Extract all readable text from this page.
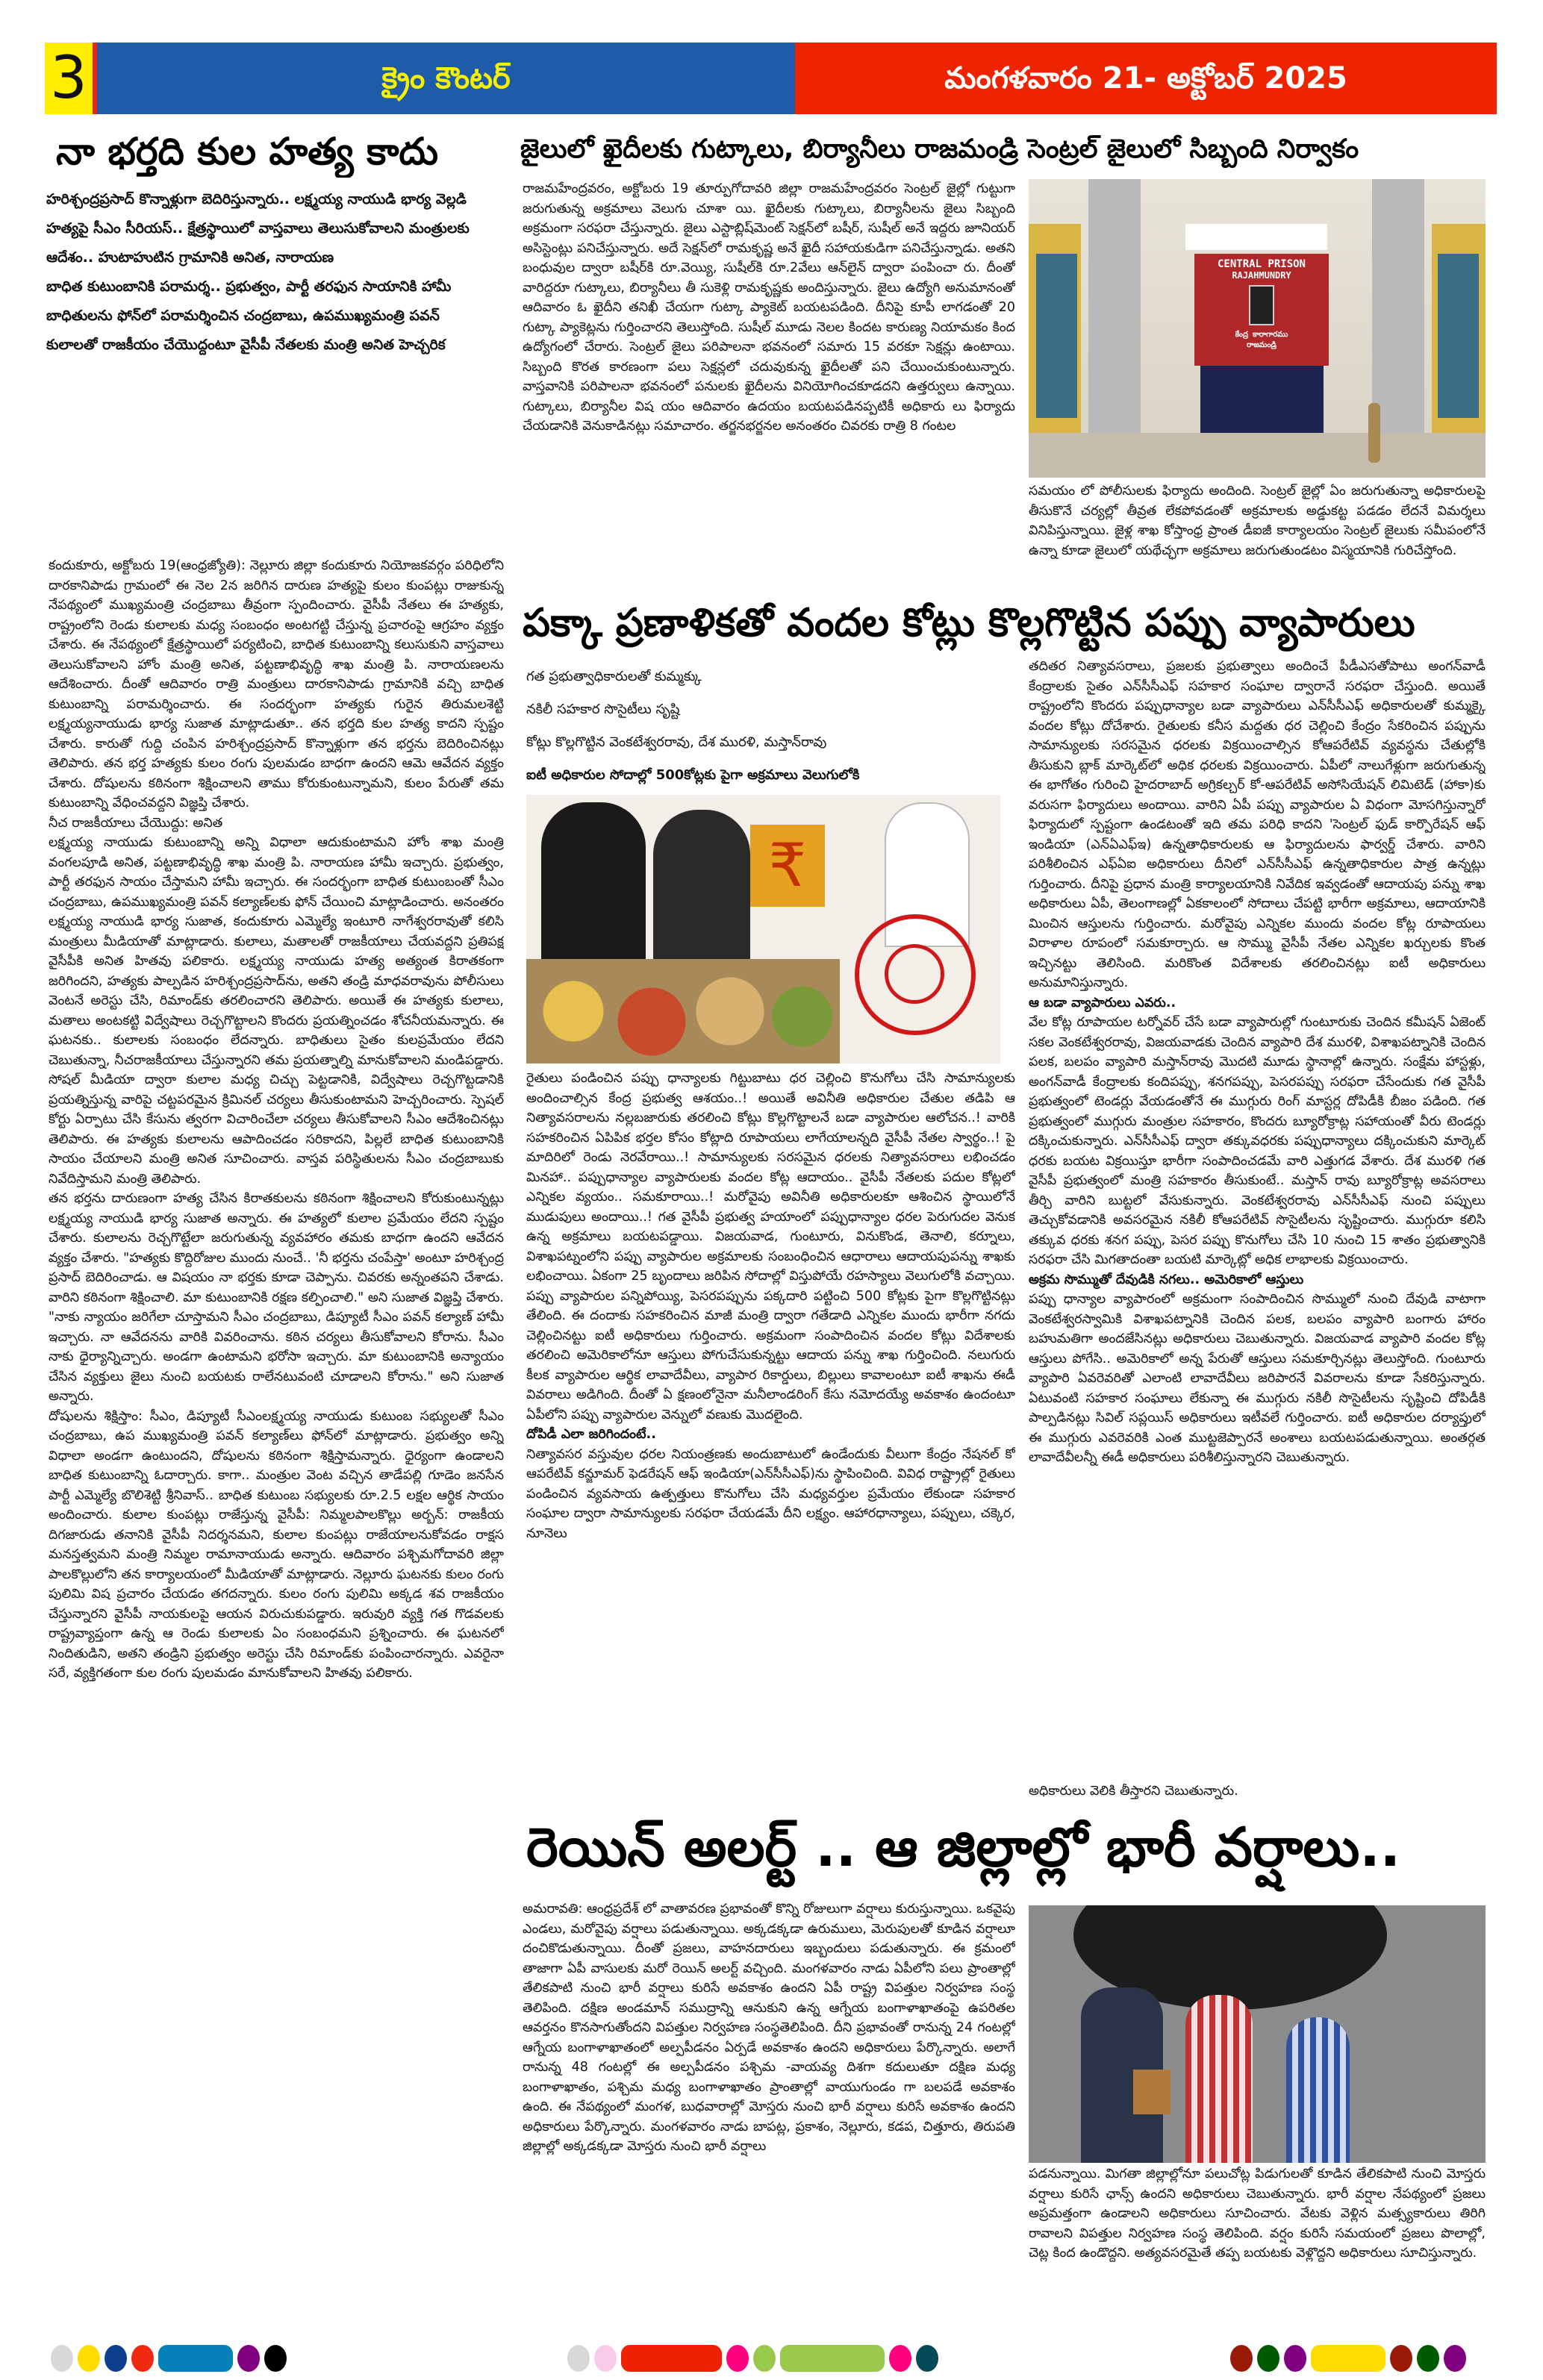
3	క్రైం కౌంటర్	మంగళవారం 21- అక్టోబర్ 2025
నా భర్తది కుల హత్య కాదు
హరిశ్చంద్రప్రసాద్ కొన్నాళ్లుగా బెదిరిస్తున్నారు.. లక్ష్మయ్య నాయుడి భార్య వెల్లడి
హత్యపై సీఎం సీరియస్.. క్షేత్రస్థాయిలో వాస్తవాలు తెలుసుకోవాలని మంత్రులకు ఆదేశం.. హుటాహుటిన గ్రామానికి అనిత, నారాయణ
బాధిత కుటుంబానికి పరామర్శ.. ప్రభుత్వం, పార్టీ తరఫున సాయానికి హామీ
బాధితులను ఫోన్‌లో పరామర్శించిన చంద్రబాబు, ఉపముఖ్యమంత్రి పవన్
కులాలతో రాజకీయం చేయొద్దంటూ వైసీపీ నేతలకు మంత్రి అనిత హెచ్చరిక

కందుకూరు, అక్టోబరు 19(ఆంధ్రజ్యోతి): నెల్లూరు జిల్లా కందుకూరు నియోజకవర్గం పరిధిలోని దారకానిపాడు గ్రామంలో ఈ నెల 2న జరిగిన దారుణ హత్యపై కులం కుంపట్లు రాజుకున్న నేపథ్యంలో ముఖ్యమంత్రి చంద్రబాబు తీవ్రంగా స్పందించారు. వైసీపీ నేతలు ఈ హత్యకు, రాష్ట్రంలోని రెండు కులాలకు మధ్య సంబంధం అంటగట్టి చేస్తున్న ప్రచారంపై ఆగ్రహం వ్యక్తం చేశారు. ఈ నేపథ్యంలో క్షేత్రస్థాయిలో పర్యటించి, బాధిత కుటుంబాన్ని కలుసుకుని వాస్తవాలు తెలుసుకోవాలని హోం మంత్రి అనిత, పట్టణాభివృద్ధి శాఖ మంత్రి పి. నారాయణలను ఆదేశించారు. దీంతో ఆదివారం రాత్రి మంత్రులు దారకానిపాడు గ్రామానికి వచ్చి బాధిత కుటుంబాన్ని పరామర్శించారు. ఈ సందర్భంగా హత్యకు గురైన తిరుమలశెట్టి లక్ష్మయ్యనాయుడు భార్య సుజాత మాట్లాడుతూ.. తన భర్తది కుల హత్య కాదని స్పష్టం చేశారు. కారుతో గుద్ది చంపిన హరిశ్చంద్రప్రసాద్ కొన్నాళ్లుగా తన భర్తను బెదిరించినట్లు తెలిపారు. తన భర్త హత్యకు కులం రంగు పులమడం బాధగా ఉందని ఆమె ఆవేదన వ్యక్తం చేశారు. దోషులను కఠినంగా శిక్షించాలని తాము కోరుకుంటున్నామని, కులం పేరుతో తమ కుటుంబాన్ని వేధించవద్దని విజ్ఞప్తి చేశారు.

నీచ రాజకీయాలు చేయొద్దు: అనిత

లక్ష్మయ్య నాయుడు కుటుంబాన్ని అన్ని విధాలా ఆదుకుంటామని హోం శాఖ మంత్రి వంగలపూడి అనిత, పట్టణాభివృద్ధి శాఖ మంత్రి పి. నారాయణ హామీ ఇచ్చారు. ప్రభుత్వం, పార్టీ తరఫున సాయం చేస్తామని హామీ ఇచ్చారు. ఈ సందర్భంగా బాధిత కుటుంబంతో సీఎం చంద్రబాబు, ఉపముఖ్యమంత్రి పవన్ కల్యాణ్‌లకు ఫోన్ చేయించి మాట్లాడించారు. అనంతరం లక్ష్మయ్య నాయుడి భార్య సుజాత, కందుకూరు ఎమ్మెల్యే ఇంటూరి నాగేశ్వరరావుతో కలిసి మంత్రులు మీడియాతో మాట్లాడారు. కులాలు, మతాలతో రాజకీయాలు చేయవద్దని ప్రతిపక్ష వైసీపీకి అనిత హితవు పలికారు. లక్ష్మయ్య నాయుడు హత్య అత్యంత కిరాతకంగా జరిగిందని, హత్యకు పాల్పడిన హరిశ్చంద్రప్రసాద్‌ను, అతని తండ్రి మాధవరావును పోలీసులు వెంటనే అరెస్టు చేసి, రిమాండ్‌కు తరలించారని తెలిపారు. అయితే ఈ హత్యకు కులాలు, మతాలు అంటకట్టి విద్వేషాలు రెచ్చగొట్టాలని కొందరు ప్రయత్నించడం శోచనీయమన్నారు. ఈ ఘటనకు.. కులాలకు సంబంధం లేదన్నారు. బాధితులు సైతం కులప్రమేయం లేదని చెబుతున్నా, నీచరాజకీయాలు చేస్తున్నారని తమ ప్రయత్నాల్ని మానుకోవాలని మండిపడ్డారు. సోషల్ మీడియా ద్వారా కులాల మధ్య చిచ్చు పెట్టడానికి, విద్వేషాలు రెచ్చగొట్టడానికి ప్రయత్నిస్తున్న వారిపై చట్టపరమైన క్రిమినల్ చర్యలు తీసుకుంటామని హెచ్చరించారు. స్పెషల్ కోర్టు ఏర్పాటు చేసి కేసును త్వరగా విచారించేలా చర్యలు తీసుకోవాలని సీఎం ఆదేశించినట్లు తెలిపారు. ఈ హత్యకు కులాలను ఆపాదించడం సరికాదని, పిల్లలే బాధిత కుటుంబానికి సాయం చేయాలని మంత్రి అనిత సూచించారు. వాస్తవ పరిస్థితులను సీఎం చంద్రబాబుకు నివేదిస్తామని మంత్రి తెలిపారు.

తన భర్తను దారుణంగా హత్య చేసిన కిరాతకులను కఠినంగా శిక్షించాలని కోరుకుంటున్నట్లు లక్ష్మయ్య నాయుడి భార్య సుజాత అన్నారు. ఈ హత్యలో కులాల ప్రమేయం లేదని స్పష్టం చేశారు. కులాలను రెచ్చగొట్టేలా జరుగుతున్న వ్యవహారం తమకు బాధగా ఉందని ఆవేదన వ్యక్తం చేశారు. "హత్యకు కొద్దిరోజుల ముందు నుంచే.. 'నీ భర్తను చంపేస్తా' అంటూ హరిశ్చంద్ర ప్రసాద్ బెదిరించాడు. ఆ విషయం నా భర్తకు కూడా చెప్పాను. చివరకు అన్నంతపని చేశాడు. వారిని కఠినంగా శిక్షించాలి. మా కుటుంబానికి రక్షణ కల్పించాలి." అని సుజాత విజ్ఞప్తి చేశారు. "నాకు న్యాయం జరిగేలా చూస్తామని సీఎం చంద్రబాబు, డిప్యూటీ సీఎం పవన్ కల్యాణ్ హామీ ఇచ్చారు. నా ఆవేదనను వారికి వివరించాను. కఠిన చర్యలు తీసుకోవాలని కోరాను. సీఎం నాకు ధైర్యాన్నిచ్చారు. అండగా ఉంటామని భరోసా ఇచ్చారు. మా కుటుంబానికి అన్యాయం చేసిన వ్యక్తులు జైలు నుంచి బయటకు రాలేనటువంటి చూడాలని కోరాను." అని సుజాత అన్నారు.

దోషులను శిక్షిస్తాం: సీఎం, డిప్యూటీ సీఎంలక్ష్మయ్య నాయుడు కుటుంబ సభ్యులతో సీఎం చంద్రబాబు, ఉప ముఖ్యమంత్రి పవన్ కల్యాణ్‌లు ఫోన్‌లో మాట్లాడారు. ప్రభుత్వం అన్ని విధాలా అండగా ఉంటుందని, దోషులను కఠినంగా శిక్షిస్తామన్నారు. ధైర్యంగా ఉండాలని బాధిత కుటుంబాన్ని ఓదార్చారు. కాగా.. మంత్రుల వెంట వచ్చిన తాడేపల్లి గూడెం జనసేన పార్టీ ఎమ్మెల్యే బొలిశెట్టి శ్రీనివాస్.. బాధిత కుటుంబ సభ్యులకు రూ.2.5 లక్షల ఆర్థిక సాయం అందించారు. కులాల కుంపట్లు రాజేస్తున్న వైసీపీ: నిమ్మలపాలకొల్లు అర్బన్: రాజకీయ దిగజారుడు తనానికి వైసీపీ నిదర్శనమని, కులాల కుంపట్లు రాజేయాలనుకోవడం రాక్షస మనస్తత్వమని మంత్రి నిమ్మల రామానాయుడు అన్నారు. ఆదివారం పశ్చిమగోదావరి జిల్లా పాలకొల్లులోని తన కార్యాలయంలో మీడియాతో మాట్లాడారు. నెల్లూరు ఘటనకు కులం రంగు పులిమి విష ప్రచారం చేయడం తగదన్నారు. కులం రంగు పులిమి అక్కడ శవ రాజకీయం చేస్తున్నారని వైసీపీ నాయకులపై ఆయన విరుచుకుపడ్డారు. ఇరువురి వ్యక్తి గత గొడవలకు రాష్ట్రవ్యాప్తంగా ఉన్న ఆ రెండు కులాలకు ఏం సంబంధమని ప్రశ్నించారు. ఈ ఘటనలో నిందితుడిని, అతని తండ్రిని ప్రభుత్వం అరెస్టు చేసి రిమాండ్‌కు పంపించారన్నారు. ఎవరైనా సరే, వ్యక్తిగతంగా కుల రంగు పులమడం మానుకోవాలని హితవు పలికారు.

జైలులో ఖైదీలకు గుట్కాలు, బిర్యానీలు రాజమండ్రి సెంట్రల్ జైలులో సిబ్బంది నిర్వాకం
రాజమహేంద్రవరం, అక్టోబరు 19 తూర్పుగోదావరి జిల్లా రాజమహేంద్రవరం సెంట్రల్ జైల్లో గుట్టుగా జరుగుతున్న అక్రమాలు వెలుగు చూశా యి. ఖైదీలకు గుట్కాలు, బిర్యానీలను జైలు సిబ్బంది అక్రమంగా సరఫరా చేస్తున్నారు. జైలు ఎస్టాబ్లిష్‌మెంట్ సెక్షన్‌లో బషీర్, సుషీల్ అనే ఇద్దరు జూనియర్ అసిస్టెంట్లు పనిచేస్తున్నారు. అదే సెక్షన్‌లో రామకృష్ణ అనే ఖైదీ సహాయకుడిగా పనిచేస్తున్నాడు. అతని బంధువుల ద్వారా బషీర్‌కి రూ.వెయ్యి, సుషీల్‌కి రూ.2వేలు ఆన్‌లైన్ ద్వారా పంపించా రు. దీంతో వారిద్దరూ గుట్కాలు, బిర్యానీలు తీ సుకెళ్లి రామకృష్ణకు అందిస్తున్నారు. జైలు ఉద్యోగి అనుమానంతో ఆదివారం ఓ ఖైదీని తనిఖీ చేయగా గుట్కా ప్యాకెట్ బయటపడింది. దీనిపై కూపీ లాగడంతో 20 గుట్కా ప్యాకెట్లను గుర్తించారని తెలుస్తోంది. సుషీల్ మూడు నెలల కిందట కారుణ్య నియామకం కింద ఉద్యోగంలో చేరారు. సెంట్రల్ జైలు పరిపాలనా భవనంలో సమారు 15 వరకూ సెక్షన్లు ఉంటాయి. సిబ్బంది కొరత కారణంగా పలు సెక్షన్లలో చదువుకున్న ఖైదీలతో పని చేయించుకుంటున్నారు. వాస్తవానికి పరిపాలనా భవనంలో పనులకు ఖైదీలను వినియోగించకూడదని ఉత్తర్వులు ఉన్నాయి. గుట్కాలు, బిర్యానీల విష యం ఆదివారం ఉదయం బయటపడినప్పటికీ అధికారు లు ఫిర్యాదు చేయడానికి వెనుకాడినట్లు సమాచారం. తర్జనభర్జనల అనంతరం చివరకు రాత్రి 8 గంటల
CENTRAL PRISON
RAJAHMUNDRY
కేంద్ర కారాగారము
రాజమండ్రి
సమయం లో పోలీసులకు ఫిర్యాదు అందింది. సెంట్రల్ జైల్లో ఏం జరుగుతున్నా అధికారులపై తీసుకొనే చర్యల్లో తీవ్రత లేకపోవడంతో అక్రమాలకు అడ్డుకట్ట పడడం లేదనే విమర్శలు వినిపిస్తున్నాయి. జైళ్ల శాఖ కోస్తాంధ్ర ప్రాంత డీఐజీ కార్యాలయం సెంట్రల్ జైలుకు సమీపంలోనే ఉన్నా కూడా జైలులో యథేచ్ఛగా అక్రమాలు జరుగుతుండటం విస్మయానికి గురిచేస్తోంది.
పక్కా ప్రణాళికతో వందల కోట్లు కొల్లగొట్టిన పప్పు వ్యాపారులు
గత ప్రభుత్వాధికారులతో కుమ్మక్కు
నకిలీ సహకార సొసైటీలు సృష్టి
కోట్లు కొల్లగొట్టిన వెంకటేశ్వరరావు, దేశ మురళి, మస్తాన్‌రావు
ఐటీ అధికారుల సోదాల్లో 500కోట్లకు పైగా అక్రమాలు వెలుగులోకి
₹

రైతులు పండించిన పప్పు ధాన్యాలకు గిట్టుబాటు ధర చెల్లించి కొనుగోలు చేసి సామాన్యులకు అందించాల్సిన కేంద్ర ప్రభుత్వ ఆశయం..! అయితే అవినీతి అధికారుల చేతుల తడిపి ఆ నిత్యావసరాలను నల్లబజారుకు తరలించి కోట్లు కొల్లగొట్టాలనే బడా వ్యాపారుల ఆలోచన..! వారికి సహకరించిన ఏపిపిక భర్తల కోసం కోట్లాది రూపాయలు లాగేయాలన్నది వైసీపీ నేతల స్వార్థం..! పై మాదిరిలో రెండు నెరవేరాయి..! సామాన్యులకు సరసమైన ధరలకు నిత్యావసరాలు లభించడం మినహా.. పప్పుధాన్యాల వ్యాపారులకు వందల కోట్ల ఆదాయం.. వైసీపీ నేతలకు పదుల కోట్లలో ఎన్నికల వ్యయం.. సమకూరాయి..! మరోవైపు అవినీతి అధికారులకూ ఆశించిన స్థాయిలోనే ముడుపులు అందాయి..! గత వైసీపీ ప్రభుత్వ హయాంలో పప్పుధాన్యాల ధరల పెరుగుదల వెనుక ఉన్న అక్రమాలు బయటపడ్డాయి. విజయవాడ, గుంటూరు, వినుకొండ, తెనాలి, కర్నూలు, విశాఖపట్నంలోని పప్పు వ్యాపారుల అక్రమాలకు సంబంధించిన ఆధారాలు ఆదాయపుపన్ను శాఖకు లభించాయి. ఏకంగా 25 బృందాలు జరిపిన సోదాల్లో విస్తుపోయే రహస్యాలు వెలుగులోకి వచ్చాయి. పప్పు వ్యాపారుల పన్నిపోయ్యి, పెసరపప్పును పక్కదారి పట్టించి 500 కోట్లకు పైగా కొల్లగొట్టినట్లు తేలింది. ఈ దందాకు సహకరించిన మాజీ మంత్రి ద్వారా గతేడాది ఎన్నికల ముందు భారీగా నగదు చెల్లించినట్టు ఐటీ అధికారులు గుర్తించారు. అక్రమంగా సంపాదించిన వందల కోట్లు విదేశాలకు తరలించి అమెరికాలోనూ ఆస్తులు పోగుచేసుకున్నట్టు ఆదాయ పన్ను శాఖ గుర్తించింది. నలుగురు కీలక వ్యాపారుల ఆర్థిక లావాదేవీలు, వ్యాపార రికార్డులు, బిల్లులు కావాలంటూ ఐటీ శాఖను ఈడీ వివరాలు అడిగింది. దీంతో ఏ క్షణంలోనైనా మనీలాండరింగ్ కేసు నమోదయ్యే అవకాశం ఉందంటూ ఏపీలోని పప్పు వ్యాపారుల వెన్నులో వణుకు మొదలైంది.

దోపిడీ ఎలా జరిగిందంటే..

నిత్యావసర వస్తువుల ధరల నియంత్రణకు అందుబాటులో ఉండేందుకు వీలుగా కేంద్రం నేషనల్ కో ఆపరేటివ్ కన్జూమర్ ఫెడరేషన్ ఆఫ్ ఇండియా(ఎన్‌సీసీఎఫ్)ను స్థాపించింది. వివిధ రాష్ట్రాల్లో రైతులు పండించిన వ్యవసాయ ఉత్పత్తులు కొనుగోలు చేసి మధ్యవర్తుల ప్రమేయం లేకుండా సహకార సంఘాల ద్వారా సామాన్యులకు సరఫరా చేయడమే దీని లక్ష్యం. ఆహారధాన్యాలు, పప్పులు, చక్కెర, నూనెలు

తదితర నిత్యావసరాలు, ప్రజలకు ప్రభుత్వాలు అందించే పీడీఎసతోపాటు అంగన్‌వాడీ కేంద్రాలకు సైతం ఎన్‌సీసీఎఫ్ సహకార సంఘాల ద్వారానే సరఫరా చేస్తుంది. అయితే రాష్ట్రంలోని కొందరు పప్పుధాన్యాల బడా వ్యాపారులు ఎన్‌సీసీఎఫ్ అధికారులతో కుమ్మక్కై వందల కోట్లు దోచేశారు. రైతులకు కనీస మద్దతు ధర చెల్లించి కేంద్రం సేకరించిన పప్పును సామాన్యులకు సరసమైన ధరలకు విక్రయించాల్సిన కోఆపరేటివ్ వ్యవస్థను చేతుల్లోకి తీసుకుని బ్లాక్ మార్కెట్‌లో అధిక ధరలకు విక్రయించారు. ఏపీలో నాలుగేళ్లుగా జరుగుతున్న ఈ భాగోతం గురించి హైదరాబాద్ అగ్రికల్చర్ కో-ఆపరేటివ్ అసోసియేషన్ లిమిటెడ్ (హాకా)కు వరుసగా ఫిర్యాదులు అందాయి. వారిని ఏపీ పప్పు వ్యాపారుల ఏ విధంగా మోసగిస్తున్నారో ఫిర్యాదులో స్పష్టంగా ఉండటంతో ఇది తమ పరిధి కాదని 'సెంట్రల్ ఫుడ్ కార్పొరేషన్ ఆఫ్ ఇండియా (ఎన్‌ఏఎఫ్ఇ) ఉన్నతాధికారులకు ఆ ఫిర్యాదులను ఫార్వర్డ్ చేశారు. వారిని పరిశీలించిన ఎఫ్‌ఏఐ అధికారులు దీనిలో ఎన్‌సీసీఎఫ్ ఉన్నతాధికారుల పాత్ర ఉన్నట్లు గుర్తించారు. దీనిపై ప్రధాన మంత్రి కార్యాలయానికి నివేదిక ఇవ్వడంతో ఆదాయపు పన్ను శాఖ అధికారులు ఏపీ, తెలంగాణల్లో ఏకకాలంలో సోదాలు చేపట్టి భారీగా అక్రమాలు, ఆదాయానికి మించిన ఆస్తులను గుర్తించారు. మరోవైపు ఎన్నికల ముందు వందల కోట్ల రూపాయలు విరాళాల రూపంలో సమకూర్చారు. ఆ సొమ్ము వైసీపీ నేతల ఎన్నికల ఖర్చులకు కొంత ఇచ్చినట్టు తెలిసింది. మరికొంత విదేశాలకు తరలించినట్లు ఐటీ అధికారులు అనుమానిస్తున్నారు.

ఆ బడా వ్యాపారులు ఎవరు..

వేల కోట్ల రూపాయల టర్నోవర్ చేసే బడా వ్యాపారుల్లో గుంటూరుకు చెందిన కమీషన్ ఏజెంట్ సకల వెంకటేశ్వరరావు, విజయవాడకు చెందిన వ్యాపారి దేశ మురళి, విశాఖపట్నానికి చెందిన పలక, బలపం వ్యాపారి మస్తాన్‌రావు మొదటి మూడు స్థానాల్లో ఉన్నారు. సంక్షేమ హాస్టళ్లు, అంగన్‌వాడీ కేంద్రాలకు కందిపప్పు, శనగపప్పు, పెసరపప్పు సరఫరా చేసేందుకు గత వైసీపీ ప్రభుత్వంలో టెండర్లు వేయడంతోనే ఈ ముగ్గురు రింగ్ మాస్టర్ల దోపిడీకి బీజం పడింది. గత ప్రభుత్వంలో ముగ్గురు మంత్రుల సహకారం, కొందరు బ్యూరోక్రాట్ల సహాయంతో వీరు టెండర్లు దక్కించుకున్నారు. ఎన్‌సీసీఎఫ్ ద్వారా తక్కువధరకు పప్పుధాన్యాలు దక్కించుకుని మార్కెట్ ధరకు బయట విక్రయిస్తూ భారీగా సంపాదించడమే వారి ఎత్తుగడ వేశారు. దేశ మురళి గత వైసీపీ ప్రభుత్వంలో మంత్రి సహకారం తీసుకుంటే.. మస్తాన్ రావు బ్యూరోక్రాట్ల అవసరాలు తీర్చి వారిని బుట్టలో వేసుకున్నారు. వెంకటేశ్వరరావు ఎన్‌సీసీఎఫ్ నుంచి పప్పులు తెచ్చుకోవడానికి అవసరమైన నకిలీ కోఆపరేటివ్ సొసైటీలను సృష్టించారు. ముగ్గురూ కలిసి తక్కువ ధరకు శనగ పప్పు, పెసర పప్పు కొనుగోలు చేసి 10 నుంచి 15 శాతం ప్రభుత్వానికి సరఫరా చేసి మిగతాదంతా బయటి మార్కెట్లో అధిక లాభాలకు విక్రయించారు.

అక్రమ సొమ్ముతో దేవుడికి నగలు.. అమెరికాలో ఆస్తులు

పప్పు ధాన్యాల వ్యాపారంలో అక్రమంగా సంపాదించిన సొమ్ములో నుంచి దేవుడి వాటాగా వెంకటేశ్వరస్వామికి విశాఖపట్నానికి చెందిన పలక, బలపం వ్యాపారి బంగారు హారం బహుమతిగా అందజేసినట్లు అధికారులు చెబుతున్నారు. విజయవాడ వ్యాపారి వందల కోట్ల ఆస్తులు పోగేసి.. అమెరికాలో అన్న పేరుతో ఆస్తులు సమకూర్చినట్లు తెలుస్తోంది. గుంటూరు వ్యాపారి ఏవరెవరితో ఎలాంటి లావాదేవీలు జరిపారనే వివరాలను కూడా సేకరిస్తున్నారు. ఏటువంటి సహకార సంఘాలు లేకున్నా ఈ ముగ్గురు నకిలీ సొసైటీలను సృష్టించి దోపిడీకి పాల్పడినట్లు సివిల్ సప్లయిస్ అధికారులు ఇటీవలే గుర్తించారు. ఐటీ అధికారుల దర్యాప్తులో ఈ ముగ్గురు ఎవరెవరికి ఎంత ముట్టజెప్పారనే అంశాలు బయటపడుతున్నాయి. అంతర్గత లావాదేవీలన్నీ ఈడీ అధికారులు పరిశీలిస్తున్నారని చెబుతున్నారు.

అధికారులు వెలికి తీస్తారని చెబుతున్నారు.
రెయిన్ అలర్ట్ .. ఆ జిల్లాల్లో భారీ వర్షాలు..
అమరావతి: ఆంధ్రప్రదేశ్ లో వాతావరణ ప్రభావంతో కొన్ని రోజులుగా వర్షాలు కురుస్తున్నాయి. ఒకవైపు ఎండలు, మరోవైపు వర్షాలు పడుతున్నాయి. అక్కడక్కడా ఉరుములు, మెరుపులతో కూడిన వర్షాలూ దంచికొడుతున్నాయి. దీంతో ప్రజలు, వాహనదారులు ఇబ్బందులు పడుతున్నారు. ఈ క్రమంలో తాజాగా ఏపీ వాసులకు మరో రెయిన్ అలర్ట్ వచ్చింది. మంగళవారం నాడు ఏపీలోని పలు ప్రాంతాల్లో తేలికపాటి నుంచి భారీ వర్షాలు కురిసే అవకాశం ఉందని ఏపీ రాష్ట్ర విపత్తుల నిర్వహణ సంస్థ తెలిపింది. దక్షిణ అండమాన్ సముద్రాన్ని ఆనుకుని ఉన్న ఆగ్నేయ బంగాళాఖాతంపై ఉపరితల ఆవర్తనం కొనసాగుతోందని విపత్తుల నిర్వహణ సంస్థతెలిపింది. దీని ప్రభావంతో రానున్న 24 గంటల్లో ఆగ్నేయ బంగాళాఖాతంలో అల్పపీడనం ఏర్పడే అవకాశం ఉందని అధికారులు పేర్కొన్నారు. అలాగే రానున్న 48 గంటల్లో ఈ అల్పపీడనం పశ్చిమ -వాయవ్య దిశగా కదులుతూ దక్షిణ మధ్య బంగాళాఖాతం, పశ్చిమ మధ్య బంగాళాఖాతం ప్రాంతాల్లో వాయుగుండం గా బలపడే అవకాశం ఉంది. ఈ నేపథ్యంలో మంగళ, బుధవారాల్లో మోస్తరు నుంచి భారీ వర్షాలు కురిసే అవకాశం ఉందని అధికారులు పేర్కొన్నారు. మంగళవారం నాడు బాపట్ల, ప్రకాశం, నెల్లూరు, కడప, చిత్తూరు, తిరుపతి జిల్లాల్లో అక్కడక్కడా మోస్తరు నుంచి భారీ వర్షాలు
పడనున్నాయి. మిగతా జిల్లాల్లోనూ పలుచోట్ల పిడుగులతో కూడిన తేలికపాటి నుంచి మోస్తరు వర్షాలు కురిసే ఛాన్స్ ఉందని అధికారులు చెబుతున్నారు. భారీ వర్షాల నేపథ్యంలో ప్రజలు అప్రమత్తంగా ఉండాలని అధికారులు సూచించారు. వేటకు వెళ్లిన మత్స్యకారులు తిరిగి రావాలని విపత్తుల నిర్వహణ సంస్థ తెలిపింది. వర్షం కురిసే సమయంలో ప్రజలు పొలాల్లో, చెట్ల కింద ఉండొద్దని. అత్యవసరమైతే తప్ప బయటకు వెళ్లొద్దని అధికారులు సూచిస్తున్నారు.
